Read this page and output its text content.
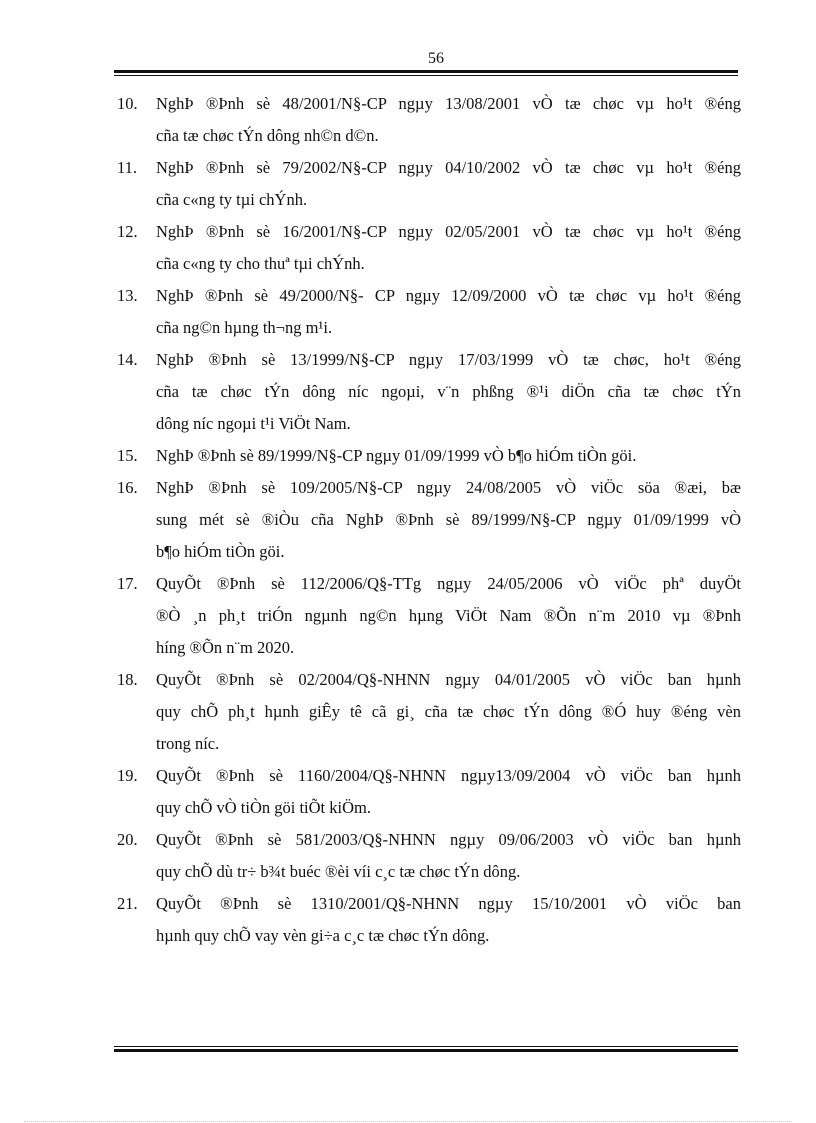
56
10. NghÞ ®Þnh sè 48/2001/N§-CP ngµy 13/08/2001 vÒ tæ chøc vµ ho¹t ®éng
cña tæ chøc tÝn dông nh©n d©n.
11. NghÞ ®Þnh sè 79/2002/N§-CP ngµy 04/10/2002 vÒ tæ chøc vµ ho¹t ®éng
cña c«ng ty tµi chÝnh.
12. NghÞ ®Þnh sè 16/2001/N§-CP ngµy 02/05/2001 vÒ tæ chøc vµ ho¹t ®éng
cña c«ng ty cho thuª tµi chÝnh.
13. NghÞ ®Þnh sè 49/2000/N§- CP ngµy 12/09/2000 vÒ tæ chøc vµ ho¹t ®éng
cña ng©n hµng th¬ng m¹i.
14. NghÞ ®Þnh sè 13/1999/N§-CP ngµy 17/03/1999 vÒ tæ chøc, ho¹t ®éng
cña tæ chøc tÝn dông níc ngoµi, v¨n phßng ®¹i diÖn cña tæ chøc tÝn
dông níc ngoµi t¹i ViÖt Nam.
15. NghÞ ®Þnh sè 89/1999/N§-CP ngµy 01/09/1999 vÒ b¶o hiÓm tiÒn göi.
16. NghÞ ®Þnh sè 109/2005/N§-CP ngµy 24/08/2005 vÒ viÖc söa ®æi, bæ
sung mét sè ®iÒu cña NghÞ ®Þnh sè 89/1999/N§-CP ngµy 01/09/1999 vÒ
b¶o hiÓm tiÒn göi.
17. QuyÕt ®Þnh sè 112/2006/Q§-TTg ngµy 24/05/2006 vÒ viÖc phª duyÖt
®Ò ¸n ph¸t triÓn ngµnh ng©n hµng ViÖt Nam ®Õn n¨m 2010 vµ ®Þnh
híng ®Õn n¨m 2020.
18. QuyÕt ®Þnh sè 02/2004/Q§-NHNN ngµy 04/01/2005 vÒ viÖc ban hµnh
quy chÕ ph¸t hµnh giÊy tê cã gi¸ cña tæ chøc tÝn dông ®Ó huy ®éng vèn
trong níc.
19. QuyÕt ®Þnh sè 1160/2004/Q§-NHNN ngµy13/09/2004 vÒ viÖc ban hµnh
quy chÕ vÒ tiÒn göi tiÕt kiÖm.
20. QuyÕt ®Þnh sè 581/2003/Q§-NHNN ngµy 09/06/2003 vÒ viÖc ban hµnh
quy chÕ dù tr÷ b¾t buéc ®èi víi c¸c tæ chøc tÝn dông.
21. QuyÕt ®Þnh sè 1310/2001/Q§-NHNN ngµy 15/10/2001 vÒ viÖc ban
hµnh quy chÕ vay vèn gi÷a c¸c tæ chøc tÝn dông.
